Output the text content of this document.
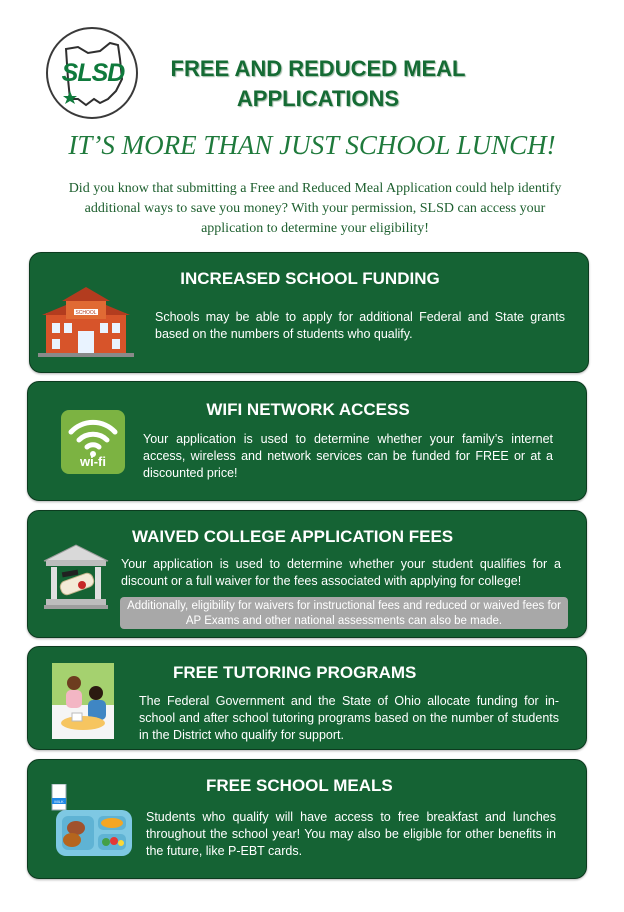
SLSD	FREE AND REDUCED MEAL
APPLICATIONS
IT’S MORE THAN JUST SCHOOL LUNCH!
Did you know that submitting a Free and Reduced Meal Application could help identify additional ways to save you money? With your permission, SLSD can access your application to determine your eligibility!
INCREASED SCHOOL FUNDING
SCHOOL	Schools may be able to apply for additional Federal and State grants based on the numbers of students who qualify.
WIFI NETWORK ACCESS
wi-fi
Your application is used to determine whether your family’s internet access, wireless and network services can be funded for FREE or at a discounted price!
WAIVED COLLEGE APPLICATION FEES
Your application is used to determine whether your student qualifies for a discount or a full waiver for the fees associated with applying for college!
Additionally, eligibility for waivers for instructional fees and reduced or waived fees for AP Exams and other national assessments can also be made.
FREE TUTORING PROGRAMS
The Federal Government and the State of Ohio allocate funding for in-school and after school tutoring programs based on the number of students in the District who qualify for support.
FREE SCHOOL MEALS
MILK
Students who qualify will have access to free breakfast and lunches throughout the school year! You may also be eligible for other benefits in the future, like P-EBT cards.
